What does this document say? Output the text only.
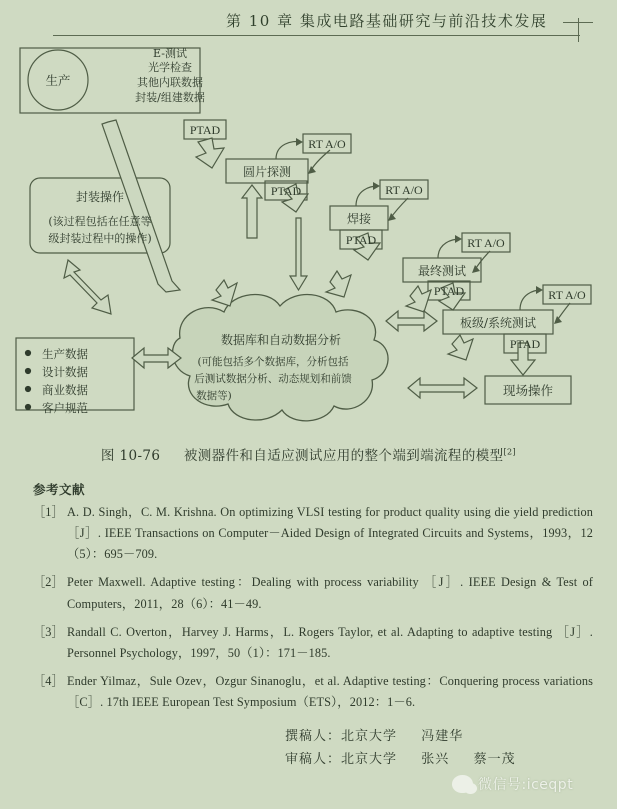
第 10 章 集成电路基础研究与前沿技术发展
生产
E-测试
光学检查
其他内联数据
封装/组建数据
封装操作
(该过程包括在任意等
级封装过程中的操作)
生产数据
设计数据
商业数据
客户规范
数据库和自动数据分析
(可能包括多个数据库，分析包括
后测试数据分析、动态规划和前馈
数据等)
圆片探测
焊接
最终测试
板级/系统测试
现场操作
PTAD
PTAD
PTAD
PTAD
PTAD
RT A/O
RT A/O
RT A/O
RT A/O
图 10-76 被测器件和自适应测试应用的整个端到端流程的模型[2]
参考文献
［1］ A. D. Singh，C. M. Krishna. On optimizing VLSI testing for product quality using die yield prediction ［J］. IEEE Transactions on Computer－Aided Design of Integrated Circuits and Systems，1993，12（5）：695－709.
［2］ Peter Maxwell. Adaptive testing：Dealing with process variability ［J］. IEEE Design & Test of Computers，2011，28（6）：41－49.
［3］ Randall C. Overton，Harvey J. Harms，L. Rogers Taylor, et al. Adapting to adaptive testing ［J］. Personnel Psychology，1997，50（1）：171－185.
［4］ Ender Yilmaz，Sule Ozev，Ozgur Sinanoglu，et al. Adaptive testing：Conquering process variations ［C］. 17th IEEE European Test Symposium（ETS），2012：1－6.
撰稿人：北京大学 冯建华
审稿人：北京大学 张兴 蔡一茂
微信号:iceqpt
